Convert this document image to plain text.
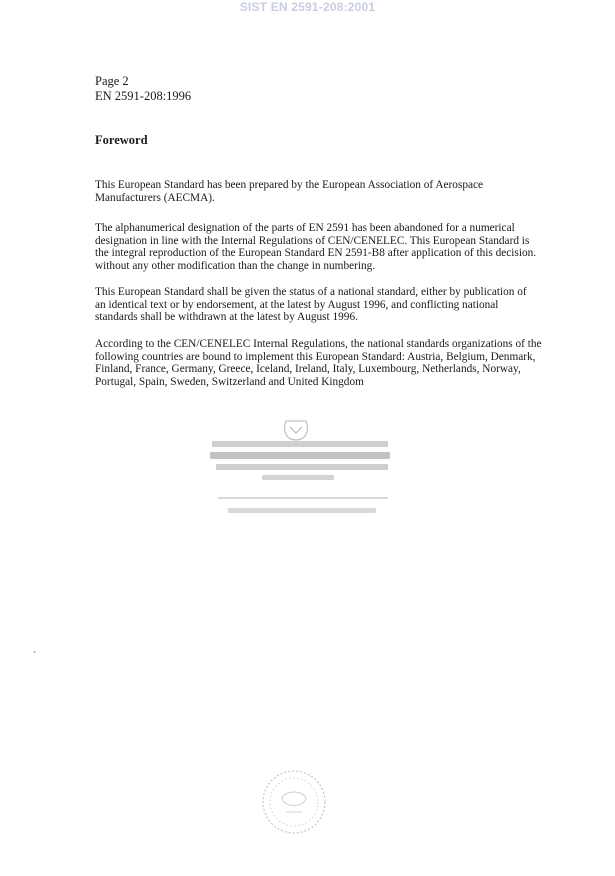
SIST EN 2591-208:2001
Page 2
EN 2591-208:1996
Foreword

This European Standard has been prepared by the European Association of Aerospace

Manufacturers (AECMA).

The alphanumerical designation of the parts of EN 2591 has been abandoned for a numerical

designation in line with the Internal Regulations of CEN/CENELEC. This European Standard is

the integral reproduction of the European Standard EN 2591-B8 after application of this decision.

without any other modification than the change in numbering.

This European Standard shall be given the status of a national standard, either by publication of

an identical text or by endorsement, at the latest by August 1996, and conflicting national

standards shall be withdrawn at the latest by August 1996.

According to the CEN/CENELEC Internal Regulations, the national standards organizations of the

following countries are bound to implement this European Standard: Austria, Belgium, Denmark,

Finland, France, Germany, Greece, Iceland, Ireland, Italy, Luxembourg, Netherlands, Norway,

Portugal, Spain, Sweden, Switzerland and United Kingdom
